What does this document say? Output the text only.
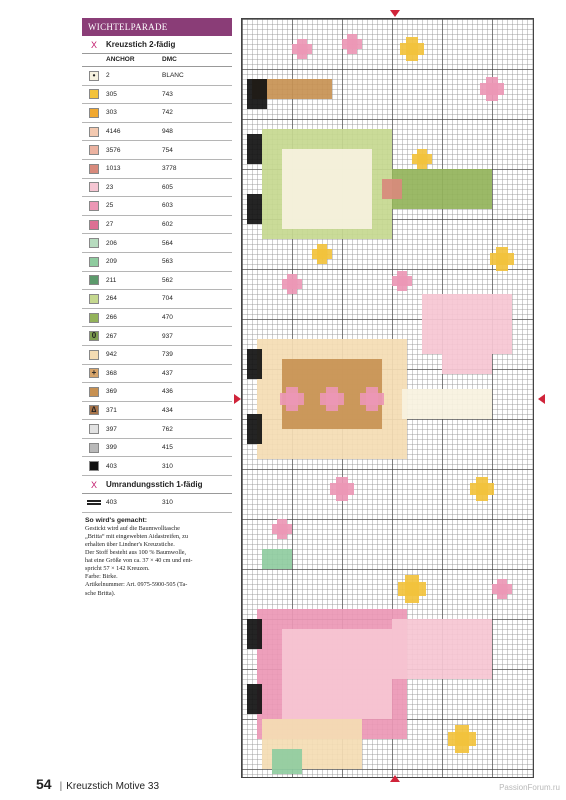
WICHTELPARADE
X	Kreuzstich 2-fädig
ANCHOR	DMC
•	2	BLANC
305	743
303	742
4146	948
3576	754
1013	3778
23	605
25	603
27	602
206	564
209	563
211	562
264	704
266	470
0	267	937
942	739
+	368	437
369	436
∆	371	434
397	762
399	415
403	310
X	Umrandungsstich 1-fädig
403	310
So wird's gemacht:
Gestickt wird auf die Baumwolltasche
„Britta“ mit eingewebten Aidastreifen, zu
erhalten über Lindner's Kreuzstiche.
Der Stoff besteht aus 100 % Baumwolle,
hat eine Größe von ca. 37 × 40 cm und ent-
spricht 57 × 142 Kreuzen.
Farbe: Birke.
Artikelnummer: Art. 0975-5900-505 (Ta-
sche Britta).
54 | Kreuzstich Motive 33	PassionForum.ru
